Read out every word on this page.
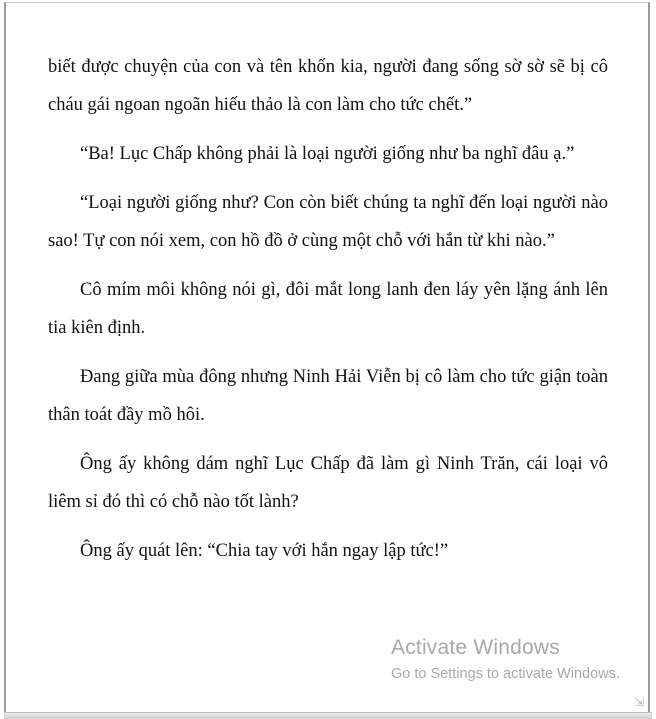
biết được chuyện của con và tên khốn kia, người đang sống sờ sờ sẽ bị cô cháu gái ngoan ngoãn hiếu thảo là con làm cho tức chết.”

“Ba! Lục Chấp không phải là loại người giống như ba nghĩ đâu ạ.”

“Loại người giống như? Con còn biết chúng ta nghĩ đến loại người nào sao! Tự con nói xem, con hồ đồ ở cùng một chỗ với hắn từ khi nào.”

Cô mím môi không nói gì, đôi mắt long lanh đen láy yên lặng ánh lên tia kiên định.

Đang giữa mùa đông nhưng Ninh Hải Viễn bị cô làm cho tức giận toàn thân toát đầy mồ hôi.

Ông ấy không dám nghĩ Lục Chấp đã làm gì Ninh Trăn, cái loại vô liêm sỉ đó thì có chỗ nào tốt lành?

Ông ấy quát lên: “Chia tay với hắn ngay lập tức!”

Activate Windows
Go to Settings to activate Windows.
⇲
